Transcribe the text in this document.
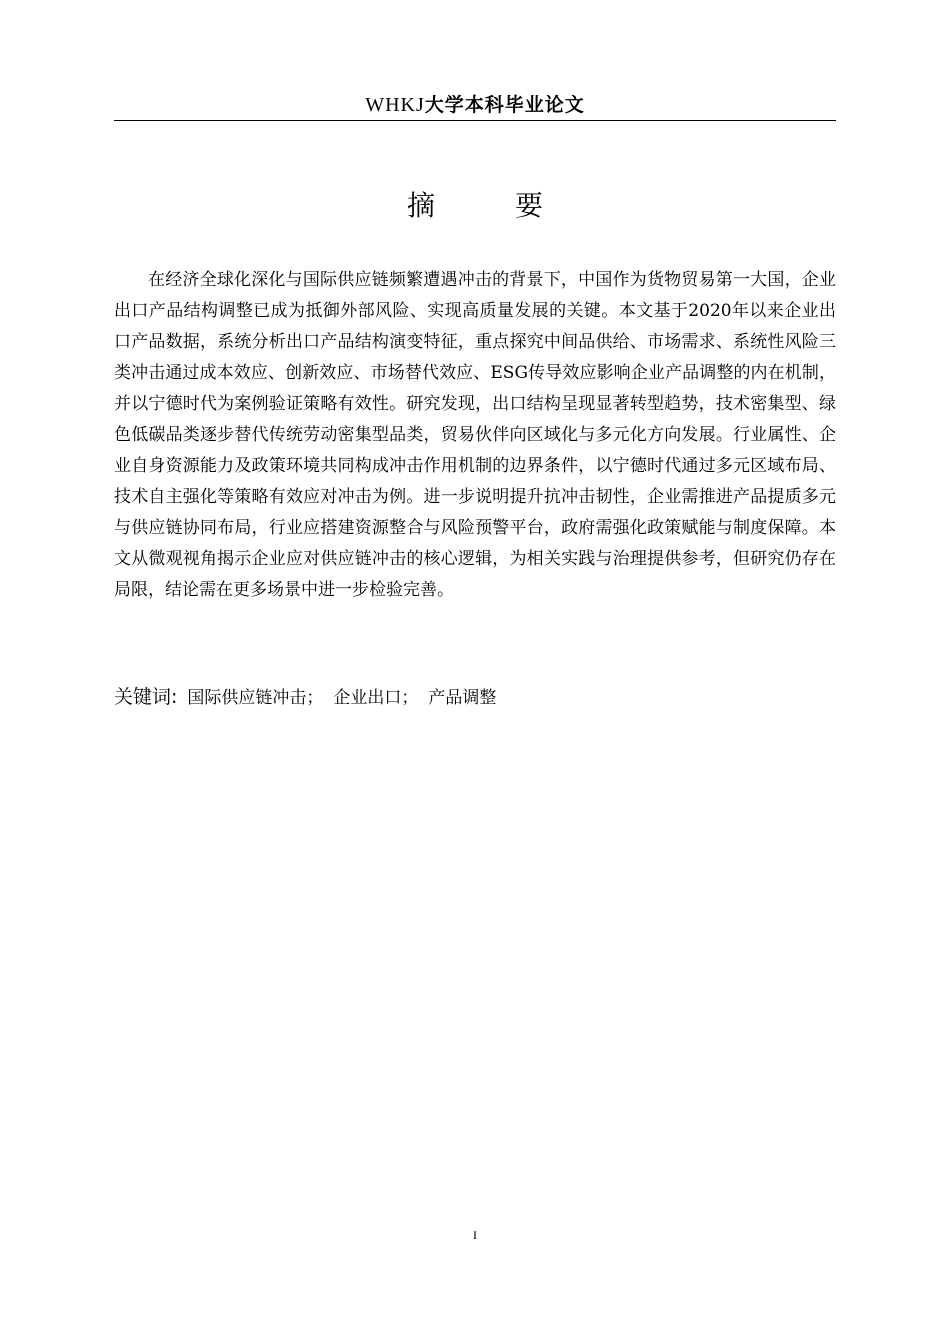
WHKJ大学本科毕业论文
摘　要

在经济全球化深化与国际供应链频繁遭遇冲击的背景下，中国作为货物贸易第一大国，企业出口产品结构调整已成为抵御外部风险、实现高质量发展的关键。本文基于2020年以来企业出口产品数据，系统分析出口产品结构演变特征，重点探究中间品供给、市场需求、系统性风险三类冲击通过成本效应、创新效应、市场替代效应、ESG传导效应影响企业产品调整的内在机制，并以宁德时代为案例验证策略有效性。研究发现，出口结构呈现显著转型趋势，技术密集型、绿色低碳品类逐步替代传统劳动密集型品类，贸易伙伴向区域化与多元化方向发展。行业属性、企业自身资源能力及政策环境共同构成冲击作用机制的边界条件，以宁德时代通过多元区域布局、技术自主强化等策略有效应对冲击为例。进一步说明提升抗冲击韧性，企业需推进产品提质多元与供应链协同布局，行业应搭建资源整合与风险预警平台，政府需强化政策赋能与制度保障。本文从微观视角揭示企业应对供应链冲击的核心逻辑，为相关实践与治理提供参考，但研究仍存在局限，结论需在更多场景中进一步检验完善。

关键词: 国际供应链冲击； 企业出口； 产品调整
I
